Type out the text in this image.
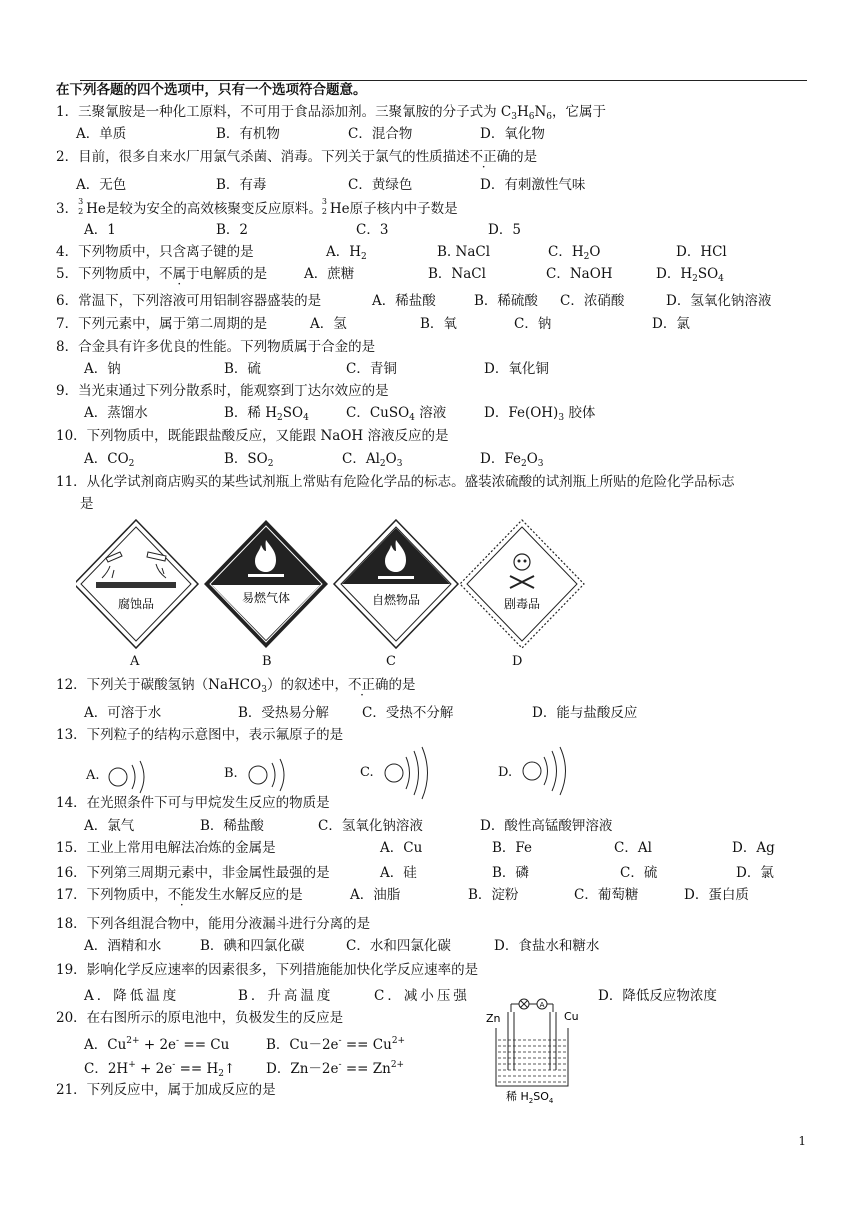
在下列各题的四个选项中，只有一个选项符合题意。
1．三聚氰胺是一种化工原料，不可用于食品添加剂。三聚氰胺的分子式为 $C_3H_6N_6$，它属于
A．单质	B．有机物	C．混合物	D．氧化物
2．目前，很多自来水厂用氯气杀菌、消毒。下列关于氯气的性质描述不正确的是
A．无色	B．有毒	C．黄绿色	D．有刺激性气味
3． 3
2 He是较为安全的高效核聚变反应原料。 3
2 He原子核内中子数是
A．1	B．2	C．3	D．5
4．下列物质中，只含离子键的是	A．$H_2$	B. NaCl	C．$H_2O$	D．HCl
5．下列物质中，不属于电解质的是	A．蔗糖	B．NaCl	C．NaOH	D．$H_2SO_4$
6．常温下，下列溶液可用铝制容器盛装的是	A．稀盐酸	B．稀硫酸 C．浓硝酸	D．氢氧化钠溶液
7．下列元素中，属于第二周期的是	A．氢	B．氧	C．钠	D．氯
8．合金具有许多优良的性能。下列物质属于合金的是
A．钠	B．硫	C．青铜	D．氧化铜
9．当光束通过下列分散系时，能观察到丁达尔效应的是
A．蒸馏水	B．稀 $H_2SO_4$	C．CuSO$_4$ 溶液	D．$Fe(OH)_3$ 胶体
10．下列物质中，既能跟盐酸反应，又能跟 NaOH 溶液反应的是
A．$CO_2$	B．$SO_2$	C．$Al_2O_3$	D．$Fe_2O_3$
11．从化学试剂商店购买的某些试剂瓶上常贴有危险化学品的标志。盛装浓硫酸的试剂瓶上所贴的危险化学品标志
是
腐蚀品	易燃气体	自燃物品	剧毒品
A	B	C	D
12．下列关于碳酸氢钠（NaHCO$_3$）的叙述中，不正确的是
A．可溶于水	B．受热易分解 C．受热不分解	D．能与盐酸反应
13．下列粒子的结构示意图中，表示氟原子的是
A.	B.	C.	D.
14．在光照条件下可与甲烷发生反应的物质是
A．氯气	B．稀盐酸	C．氢氧化钠溶液	D．酸性高锰酸钾溶液
15．工业上常用电解法冶炼的金属是	A．Cu	B．Fe	C．Al	D．Ag
16．下列第三周期元素中，非金属性最强的是	A．硅	B．磷	C．硫	D．氯
17．下列物质中，不能发生水解反应的是	A．油脂	B．淀粉	C．葡萄糖	D．蛋白质
18．下列各组混合物中，能用分液漏斗进行分离的是
A．酒精和水	B．碘和四氯化碳	C．水和四氯化碳	D．食盐水和糖水
19．影响化学反应速率的因素很多，下列措施能加快化学反应速率的是
A．降低温度	B．升高温度	C．减小压强	D．降低反应物浓度
20．在右图所示的原电池中，负极发生的反应是
A．$Cu^{2+} + 2e^- == Cu$	B．$Cu-2e^- == Cu^{2+}$
C．$2H^+ + 2e^- == H_2↑$ D．$Zn-2e^- == Zn^{2+}$
A
Zn	Cu
稀 $H_2SO_4$
21．下列反应中，属于加成反应的是
1
